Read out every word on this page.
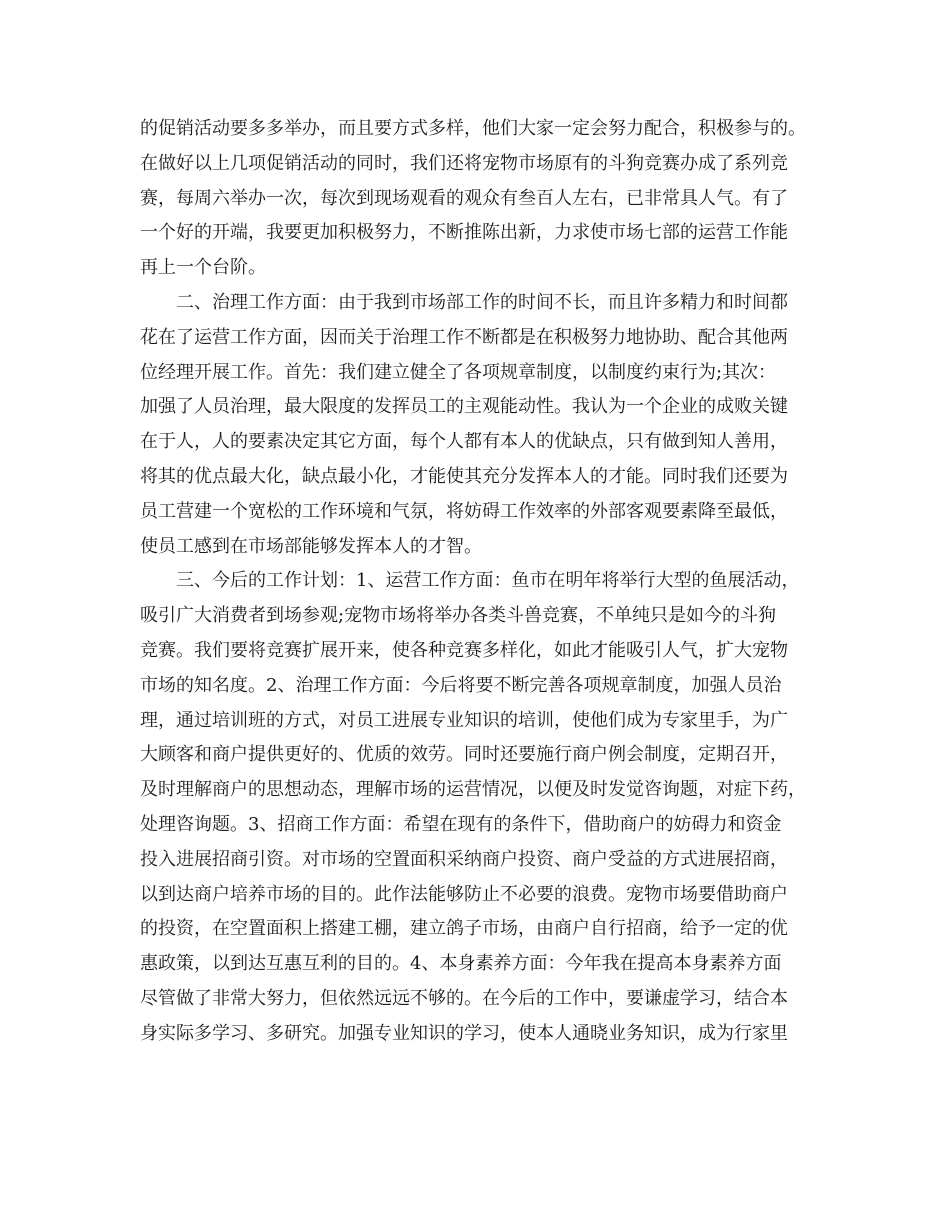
的促销活动要多多举办，而且要方式多样，他们大家一定会努力配合，积极参与的。
在做好以上几项促销活动的同时，我们还将宠物市场原有的斗狗竞赛办成了系列竞
赛，每周六举办一次，每次到现场观看的观众有叁百人左右，已非常具人气。有了
一个好的开端，我要更加积极努力，不断推陈出新，力求使市场七部的运营工作能
再上一个台阶。
　　二、治理工作方面：由于我到市场部工作的时间不长，而且许多精力和时间都
花在了运营工作方面，因而关于治理工作不断都是在积极努力地协助、配合其他两
位经理开展工作。首先：我们建立健全了各项规章制度，以制度约束行为;其次：
加强了人员治理，最大限度的发挥员工的主观能动性。我认为一个企业的成败关键
在于人，人的要素决定其它方面，每个人都有本人的优缺点，只有做到知人善用，
将其的优点最大化，缺点最小化，才能使其充分发挥本人的才能。同时我们还要为
员工营建一个宽松的工作环境和气氛，将妨碍工作效率的外部客观要素降至最低，
使员工感到在市场部能够发挥本人的才智。
　　三、今后的工作计划：1、运营工作方面：鱼市在明年将举行大型的鱼展活动，
吸引广大消费者到场参观;宠物市场将举办各类斗兽竞赛，不单纯只是如今的斗狗
竞赛。我们要将竞赛扩展开来，使各种竞赛多样化，如此才能吸引人气，扩大宠物
市场的知名度。2、治理工作方面：今后将要不断完善各项规章制度，加强人员治
理，通过培训班的方式，对员工进展专业知识的培训，使他们成为专家里手，为广
大顾客和商户提供更好的、优质的效劳。同时还要施行商户例会制度，定期召开，
及时理解商户的思想动态，理解市场的运营情况，以便及时发觉咨询题，对症下药，
处理咨询题。3、招商工作方面：希望在现有的条件下，借助商户的妨碍力和资金
投入进展招商引资。对市场的空置面积采纳商户投资、商户受益的方式进展招商，
以到达商户培养市场的目的。此作法能够防止不必要的浪费。宠物市场要借助商户
的投资，在空置面积上搭建工棚，建立鸽子市场，由商户自行招商，给予一定的优
惠政策，以到达互惠互利的目的。4、本身素养方面：今年我在提高本身素养方面
尽管做了非常大努力，但依然远远不够的。在今后的工作中，要谦虚学习，结合本
身实际多学习、多研究。加强专业知识的学习，使本人通晓业务知识，成为行家里
